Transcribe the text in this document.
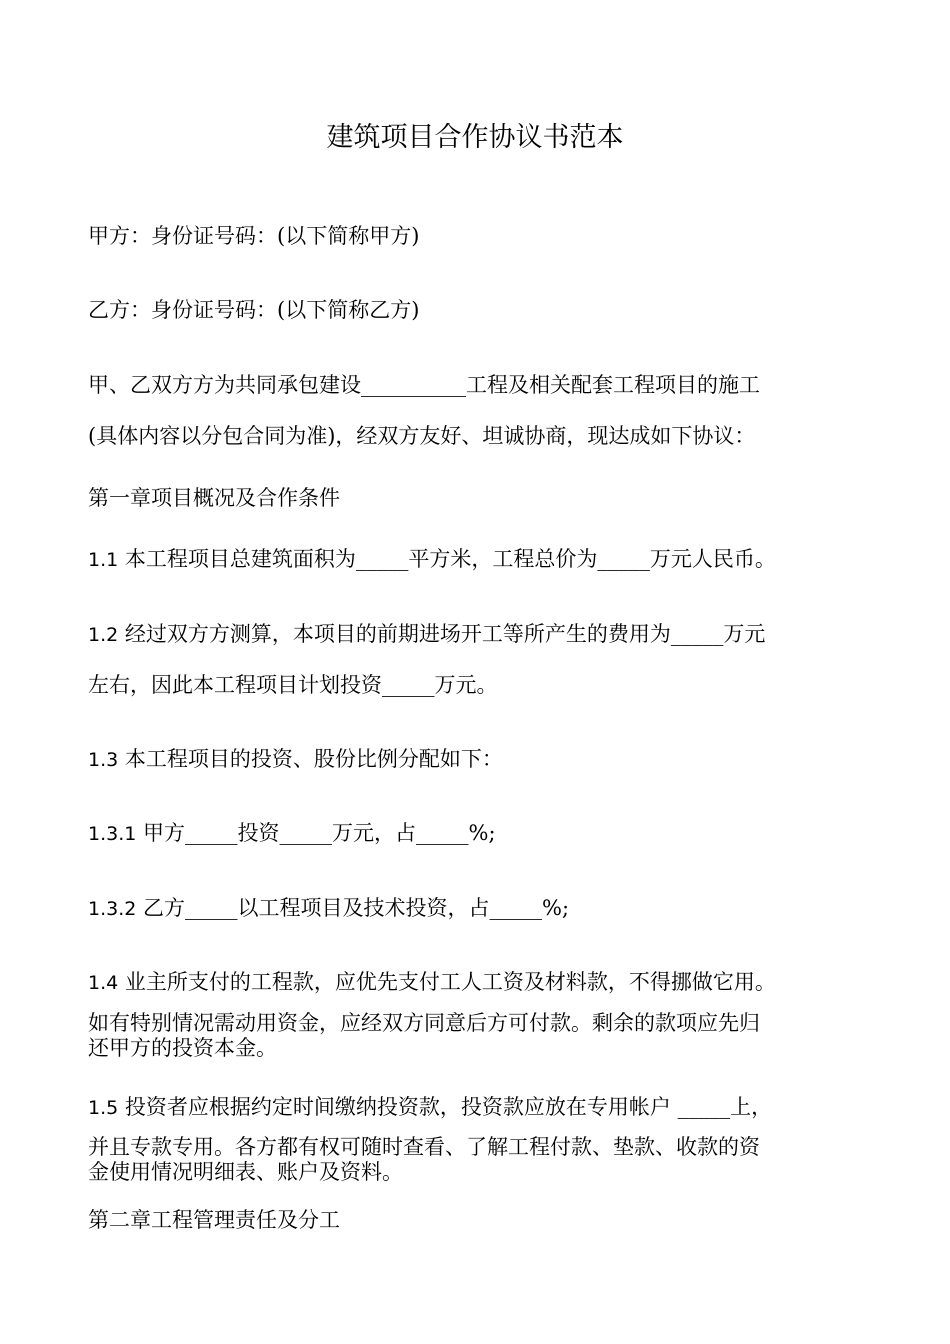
建筑项目合作协议书范本
甲方：身份证号码：(以下简称甲方)
乙方：身份证号码：(以下简称乙方)
甲、乙双方方为共同承包建设__________工程及相关配套工程项目的施工
(具体内容以分包合同为准)，经双方友好、坦诚协商，现达成如下协议：
第一章项目概况及合作条件
1.1 本工程项目总建筑面积为_____平方米，工程总价为_____万元人民币。
1.2 经过双方方测算，本项目的前期进场开工等所产生的费用为_____万元
左右，因此本工程项目计划投资_____万元。
1.3 本工程项目的投资、股份比例分配如下：
1.3.1 甲方_____投资_____万元，占_____%;
1.3.2 乙方_____以工程项目及技术投资，占_____%;
1.4 业主所支付的工程款，应优先支付工人工资及材料款，不得挪做它用。
如有特别情况需动用资金，应经双方同意后方可付款。剩余的款项应先归
还甲方的投资本金。
1.5 投资者应根据约定时间缴纳投资款，投资款应放在专用帐户 _____上，
并且专款专用。各方都有权可随时查看、了解工程付款、垫款、收款的资
金使用情况明细表、账户及资料。
第二章工程管理责任及分工
